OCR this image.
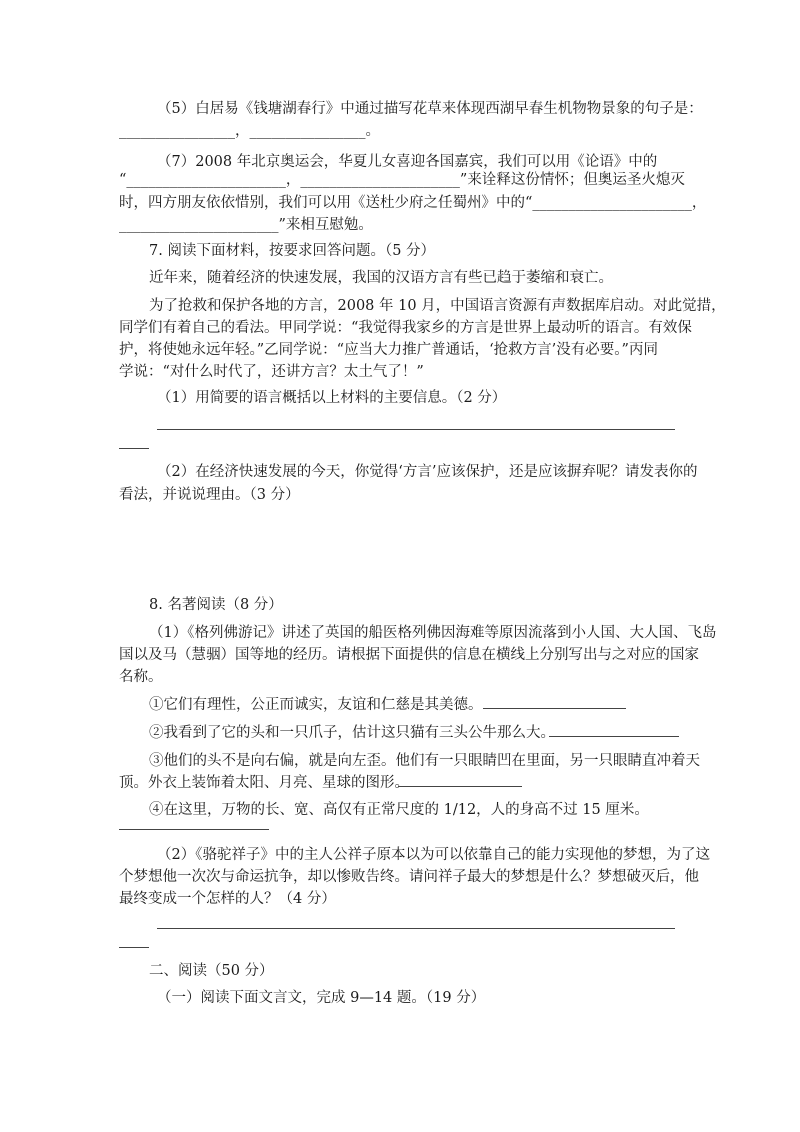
（5）白居易《钱塘湖春行》中通过描写花草来体现西湖早春生机物物景象的句子是：
________________，________________。
（7）2008 年北京奥运会，华夏儿女喜迎各国嘉宾，我们可以用《论语》中的
“______________________，______________________”来诠释这份情怀；但奥运圣火熄灭
时，四方朋友依依惜别，我们可以用《送杜少府之任蜀州》中的“______________________，
______________________”来相互慰勉。
7. 阅读下面材料，按要求回答问题。（5 分）
近年来，随着经济的快速发展，我国的汉语方言有些已趋于萎缩和衰亡。
为了抢救和保护各地的方言，2008 年 10 月，中国语言资源有声数据库启动。对此觉措，
同学们有着自己的看法。甲同学说：“我觉得我家乡的方言是世界上最动听的语言。有效保
护，将使她永远年轻。”乙同学说：“应当大力推广普通话，‘抢救方言’没有必要。”丙同
学说：“对什么时代了，还讲方言？太土气了！”
（1）用简要的语言概括以上材料的主要信息。（2 分）
（2）在经济快速发展的今天，你觉得‘方言’应该保护，还是应该摒弃呢？请发表你的
看法，并说说理由。（3 分）
8. 名著阅读（8 分）
（1）《格列佛游记》讲述了英国的船医格列佛因海难等原因流落到小人国、大人国、飞岛
国以及马（慧骃）国等地的经历。请根据下面提供的信息在横线上分别写出与之对应的国家
名称。
①它们有理性，公正而诚实，友谊和仁慈是其美德。
②我看到了它的头和一只爪子，估计这只猫有三头公牛那么大。
③他们的头不是向右偏，就是向左歪。他们有一只眼睛凹在里面，另一只眼睛直冲着天
顶。外衣上装饰着太阳、月亮、星球的图形。
④在这里，万物的长、宽、高仅有正常尺度的 1/12，人的身高不过 15 厘米。
（2）《骆驼祥子》中的主人公祥子原本以为可以依靠自己的能力实现他的梦想，为了这
个梦想他一次次与命运抗争，却以惨败告终。请问祥子最大的梦想是什么？梦想破灭后，他
最终变成一个怎样的人？（4 分）
二、阅读（50 分）
（一）阅读下面文言文，完成 9—14 题。（19 分）
